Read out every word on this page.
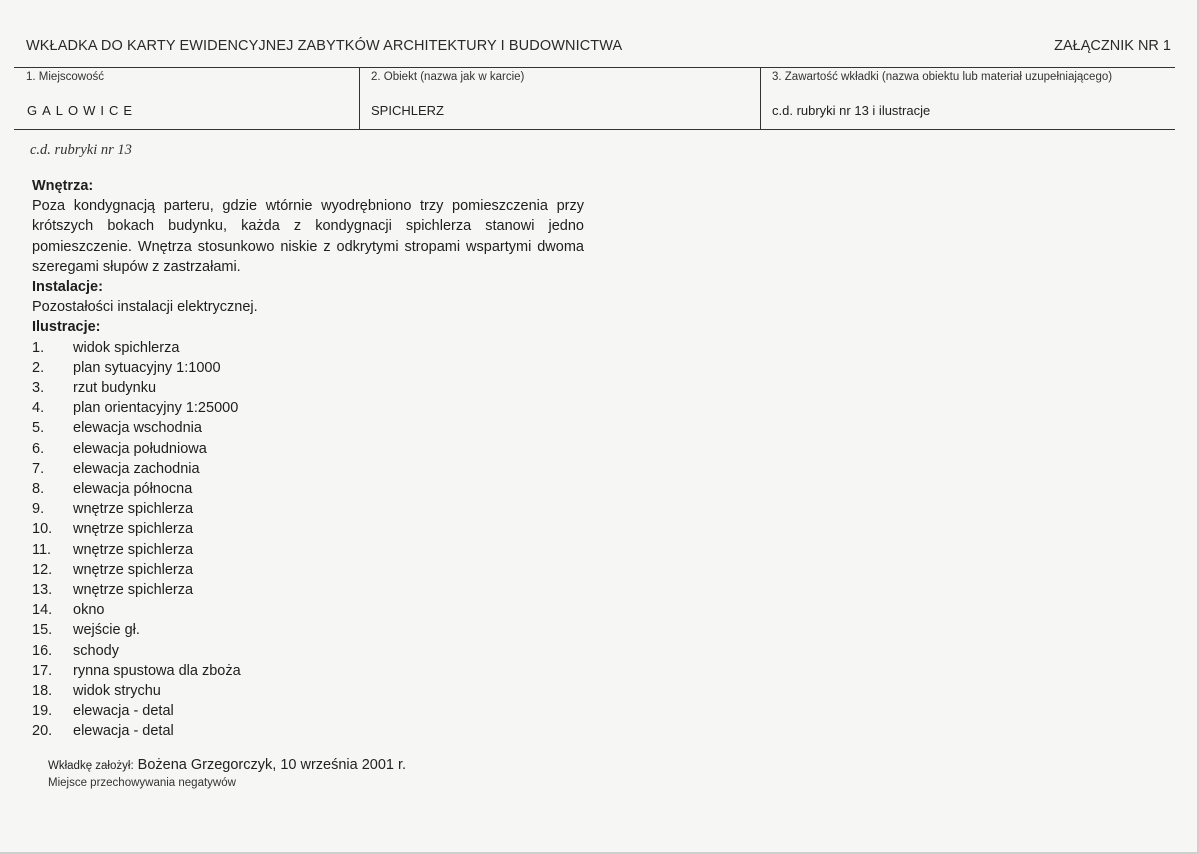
WKŁADKA DO KARTY EWIDENCYJNEJ ZABYTKÓW ARCHITEKTURY I BUDOWNICTWA	ZAŁĄCZNIK NR 1
1. Miejscowość
GALOWICE
2. Obiekt (nazwa jak w karcie)
SPICHLERZ
3. Zawartość wkładki (nazwa obiektu lub materiał uzupełniającego)
c.d. rubryki nr 13 i ilustracje
c.d. rubryki nr 13
Wnętrza:
Poza kondygnacją parteru, gdzie wtórnie wyodrębniono trzy pomieszczenia przy krótszych bokach budynku, każda z kondygnacji spichlerza stanowi jedno pomieszczenie. Wnętrza stosunkowo niskie z odkrytymi stropami wspartymi dwoma szeregami słupów z zastrzałami.
Instalacje:
Pozostałości instalacji elektrycznej.
Ilustracje:
1.	widok spichlerza
2.	plan sytuacyjny 1:1000
3.	rzut budynku
4.	plan orientacyjny 1:25000
5.	elewacja wschodnia
6.	elewacja południowa
7.	elewacja zachodnia
8.	elewacja północna
9.	wnętrze spichlerza
10.	wnętrze spichlerza
11.	wnętrze spichlerza
12.	wnętrze spichlerza
13.	wnętrze spichlerza
14.	okno
15.	wejście gł.
16.	schody
17.	rynna spustowa dla zboża
18.	widok strychu
19.	elewacja - detal
20.	elewacja - detal
Wkładkę założył: Bożena Grzegorczyk, 10 września 2001 r.
Miejsce przechowywania negatywów
